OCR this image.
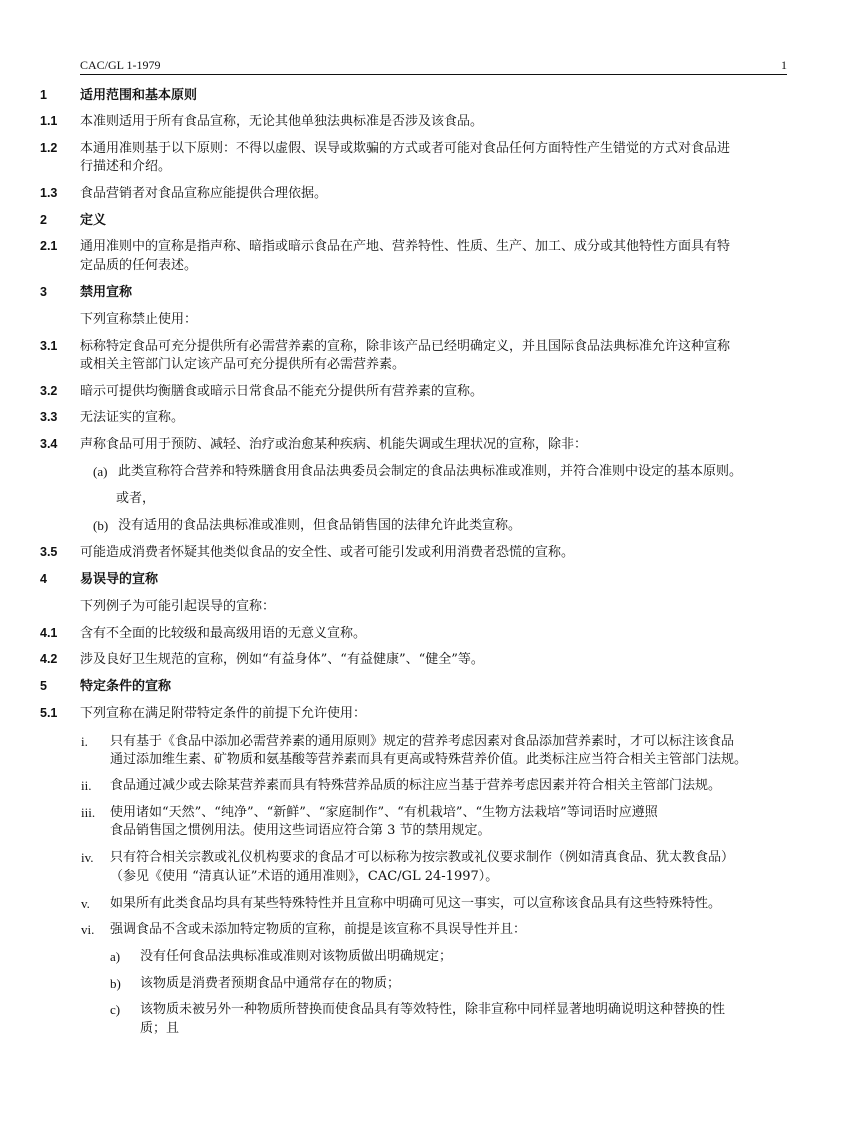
CAC/GL 1-1979	1
1	适用范围和基本原则
1.1 本准则适用于所有食品宣称，无论其他单独法典标准是否涉及该食品。
1.2 本通用准则基于以下原则：不得以虚假、误导或欺骗的方式或者可能对食品任何方面特性产生错觉的方式对食品进
行描述和介绍。
1.3 食品营销者对食品宣称应能提供合理依据。
2	定义
2.1 通用准则中的宣称是指声称、暗指或暗示食品在产地、营养特性、性质、生产、加工、成分或其他特性方面具有特
定品质的任何表述。
3	禁用宣称
下列宣称禁止使用：
3.1 标称特定食品可充分提供所有必需营养素的宣称，除非该产品已经明确定义，并且国际食品法典标准允许这种宣称
或相关主管部门认定该产品可充分提供所有必需营养素。
3.2 暗示可提供均衡膳食或暗示日常食品不能充分提供所有营养素的宣称。
3.3 无法证实的宣称。
3.4 声称食品可用于预防、减轻、治疗或治愈某种疾病、机能失调或生理状况的宣称，除非：
(a) 此类宣称符合营养和特殊膳食用食品法典委员会制定的食品法典标准或准则，并符合准则中设定的基本原则。
或者，
(b) 没有适用的食品法典标准或准则，但食品销售国的法律允许此类宣称。
3.5 可能造成消费者怀疑其他类似食品的安全性、或者可能引发或利用消费者恐慌的宣称。
4	易误导的宣称
下列例子为可能引起误导的宣称：
4.1 含有不全面的比较级和最高级用语的无意义宣称。
4.2 涉及良好卫生规范的宣称，例如“有益身体”、“有益健康”、“健全”等。
5	特定条件的宣称
5.1 下列宣称在满足附带特定条件的前提下允许使用：
i. 只有基于《食品中添加必需营养素的通用原则》规定的营养考虑因素对食品添加营养素时，才可以标注该食品
通过添加维生素、矿物质和氨基酸等营养素而具有更高或特殊营养价值。此类标注应当符合相关主管部门法规。
ii. 食品通过减少或去除某营养素而具有特殊营养品质的标注应当基于营养考虑因素并符合相关主管部门法规。
iii. 使用诸如“天然”、“纯净”、“新鲜”、“家庭制作”、“有机栽培”、“生物方法栽培”等词语时应遵照
食品销售国之惯例用法。使用这些词语应符合第 3 节的禁用规定。
iv. 只有符合相关宗教或礼仪机构要求的食品才可以标称为按宗教或礼仪要求制作（例如清真食品、犹太教食品）
（参见《使用 “清真认证”术语的通用准则》，CAC/GL 24-1997）。
v. 如果所有此类食品均具有某些特殊特性并且宣称中明确可见这一事实，可以宣称该食品具有这些特殊特性。
vi. 强调食品不含或未添加特定物质的宣称，前提是该宣称不具误导性并且：
a) 没有任何食品法典标准或准则对该物质做出明确规定；
b) 该物质是消费者预期食品中通常存在的物质；
c) 该物质未被另外一种物质所替换而使食品具有等效特性，除非宣称中同样显著地明确说明这种替换的性
质；且
